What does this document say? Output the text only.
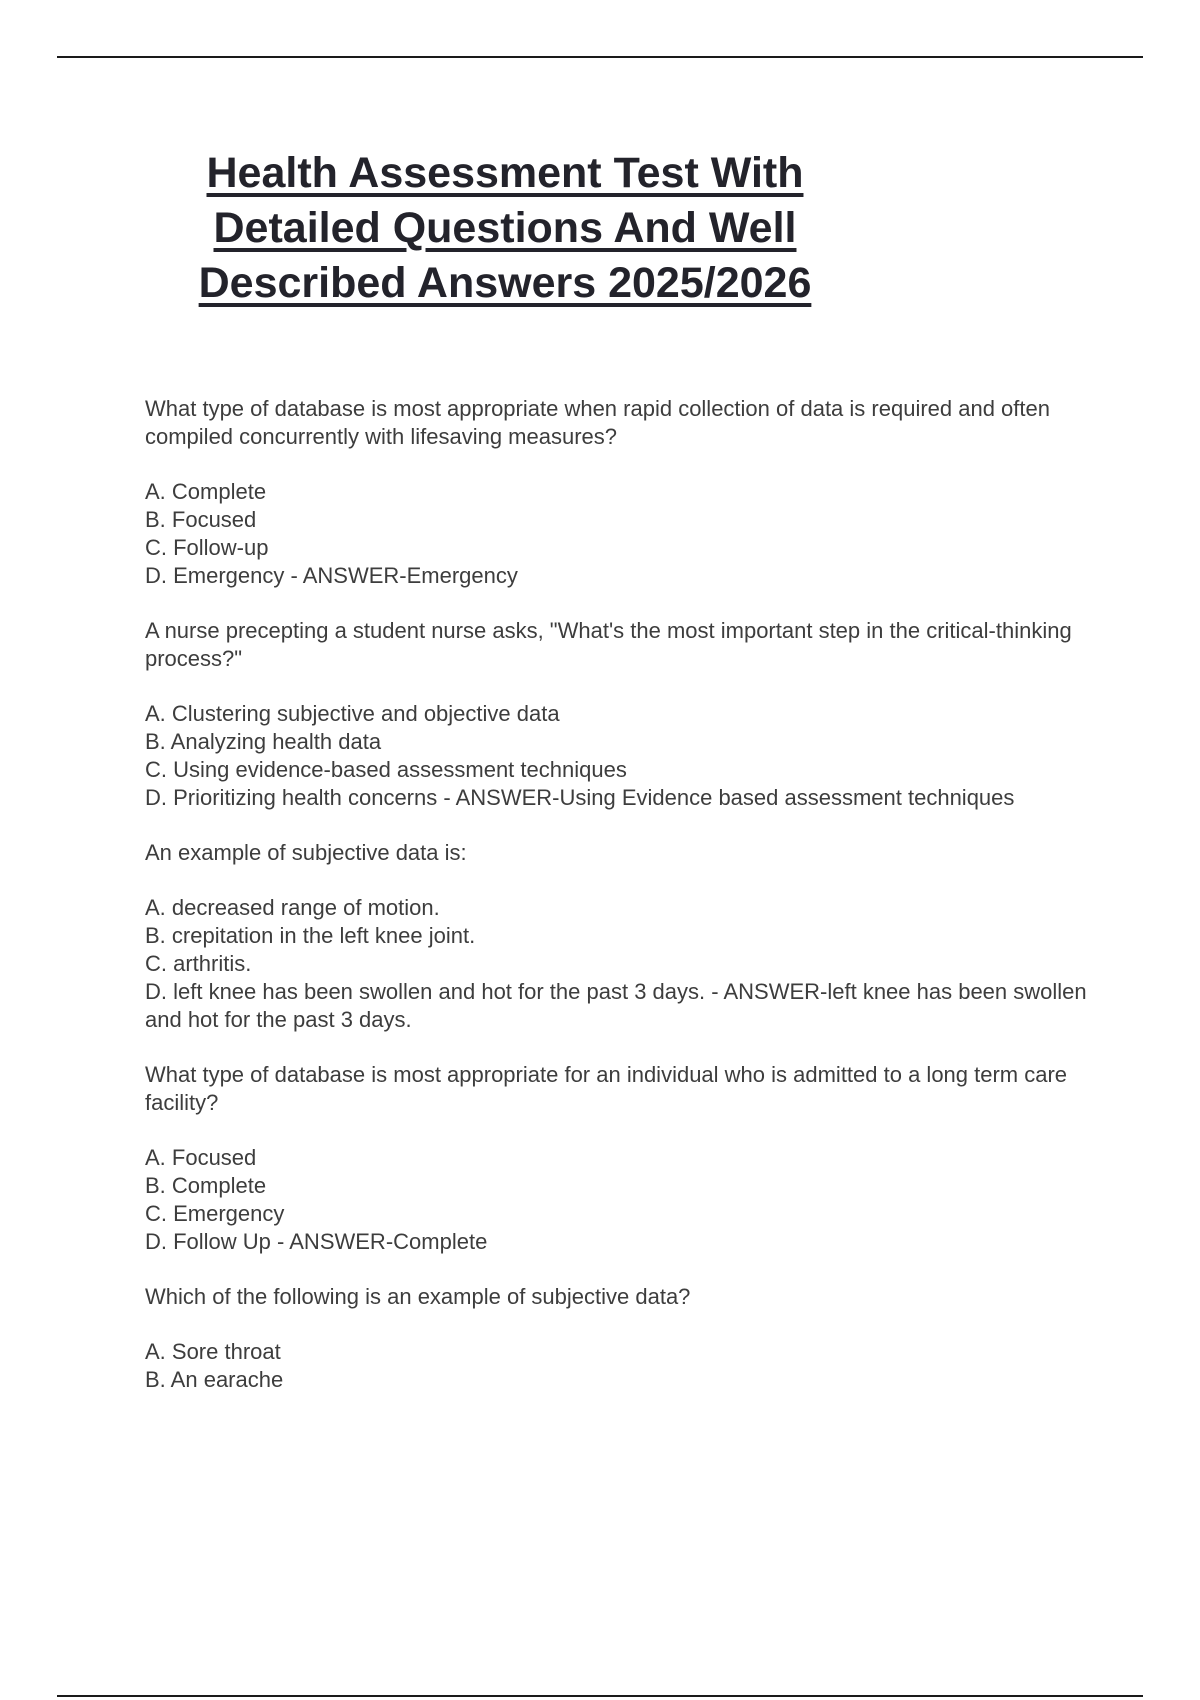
Health Assessment Test With Detailed Questions And Well Described Answers 2025/2026

What type of database is most appropriate when rapid collection of data is required and often compiled concurrently with lifesaving measures?

A. Complete
B. Focused
C. Follow-up
D. Emergency - ANSWER-Emergency

A nurse precepting a student nurse asks, "What's the most important step in the critical-thinking process?"

A. Clustering subjective and objective data
B. Analyzing health data
C. Using evidence-based assessment techniques
D. Prioritizing health concerns - ANSWER-Using Evidence based assessment techniques

An example of subjective data is:

A. decreased range of motion.
B. crepitation in the left knee joint.
C. arthritis.
D. left knee has been swollen and hot for the past 3 days. - ANSWER-left knee has been swollen and hot for the past 3 days.

What type of database is most appropriate for an individual who is admitted to a long term care facility?

A. Focused
B. Complete
C. Emergency
D. Follow Up - ANSWER-Complete

Which of the following is an example of subjective data?

A. Sore throat
B. An earache
